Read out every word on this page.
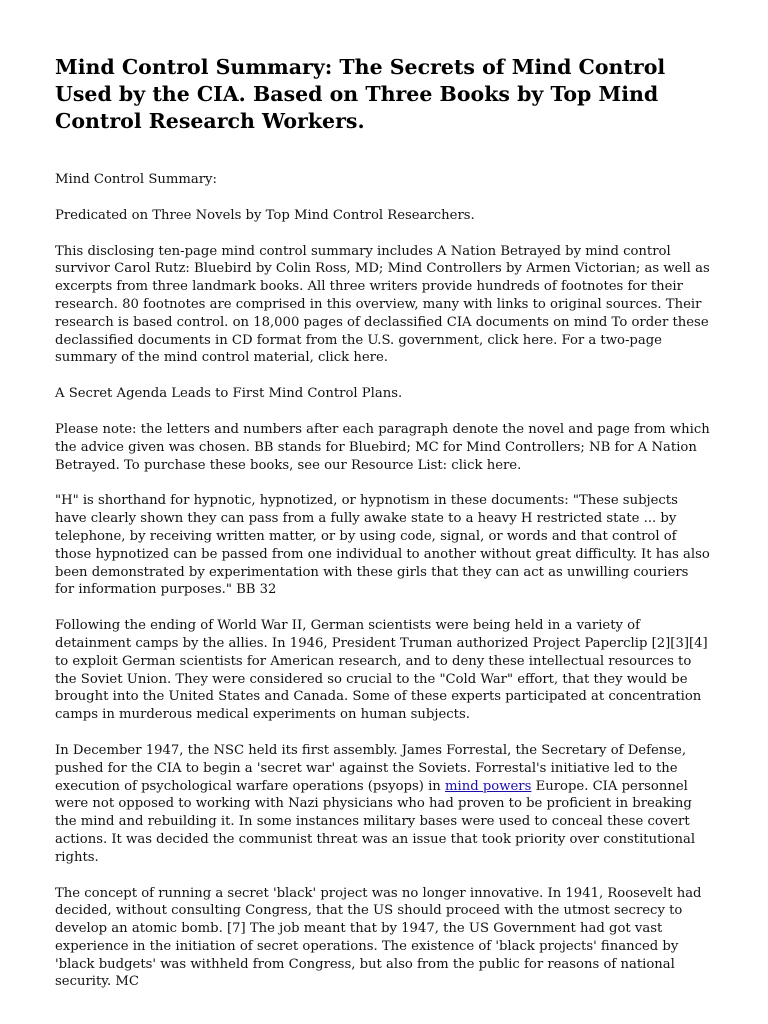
Mind Control Summary: The Secrets of Mind Control Used by the CIA. Based on Three Books by Top Mind Control Research Workers.

Mind Control Summary:

Predicated on Three Novels by Top Mind Control Researchers.

This disclosing ten-page mind control summary includes A Nation Betrayed by mind control survivor Carol Rutz: Bluebird by Colin Ross, MD; Mind Controllers by Armen Victorian; as well as excerpts from three landmark books. All three writers provide hundreds of footnotes for their research. 80 footnotes are comprised in this overview, many with links to original sources. Their research is based control. on 18,000 pages of declassified CIA documents on mind To order these declassified documents in CD format from the U.S. government, click here. For a two-page summary of the mind control material, click here.

A Secret Agenda Leads to First Mind Control Plans.

Please note: the letters and numbers after each paragraph denote the novel and page from which the advice given was chosen. BB stands for Bluebird; MC for Mind Controllers; NB for A Nation Betrayed. To purchase these books, see our Resource List: click here.

"H" is shorthand for hypnotic, hypnotized, or hypnotism in these documents: "These subjects have clearly shown they can pass from a fully awake state to a heavy H restricted state ... by telephone, by receiving written matter, or by using code, signal, or words and that control of those hypnotized can be passed from one individual to another without great difficulty. It has also been demonstrated by experimentation with these girls that they can act as unwilling couriers for information purposes." BB 32

Following the ending of World War II, German scientists were being held in a variety of detainment camps by the allies. In 1946, President Truman authorized Project Paperclip [2][3][4] to exploit German scientists for American research, and to deny these intellectual resources to the Soviet Union. They were considered so crucial to the "Cold War" effort, that they would be brought into the United States and Canada. Some of these experts participated at concentration camps in murderous medical experiments on human subjects.

In December 1947, the NSC held its first assembly. James Forrestal, the Secretary of Defense, pushed for the CIA to begin a 'secret war' against the Soviets. Forrestal's initiative led to the execution of psychological warfare operations (psyops) in mind powers Europe. CIA personnel were not opposed to working with Nazi physicians who had proven to be proficient in breaking the mind and rebuilding it. In some instances military bases were used to conceal these covert actions. It was decided the communist threat was an issue that took priority over constitutional rights.

The concept of running a secret 'black' project was no longer innovative. In 1941, Roosevelt had decided, without consulting Congress, that the US should proceed with the utmost secrecy to develop an atomic bomb. [7] The job meant that by 1947, the US Government had got vast experience in the initiation of secret operations. The existence of 'black projects' financed by 'black budgets' was withheld from Congress, but also from the public for reasons of national security. MC
